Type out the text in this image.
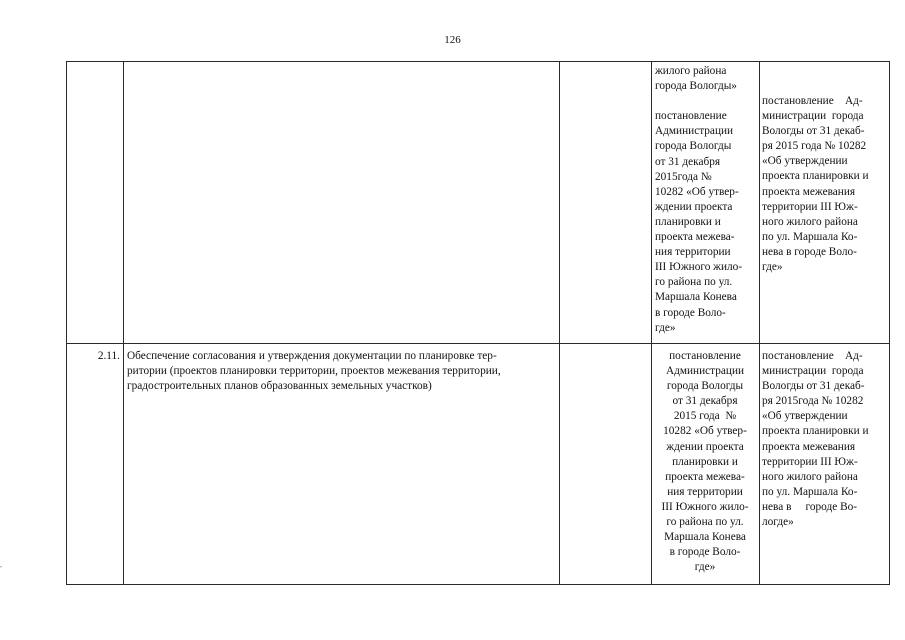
126
жилого района
города Вологды»

постановление
Администрации
города Вологды
от 31 декабря
2015года №
10282 «Об утвер-
ждении проекта
планировки и
проекта межева-
ния территории
III Южного жило-
го района по ул.
Маршала Конева
в городе Воло-
где»
постановление    Ад-
министрации  города
Вологды от 31 декаб-
ря 2015 года № 10282
«Об утверждении
проекта планировки и
проекта межевания
территории III Юж-
ного жилого района
по ул. Маршала Ко-
нева в городе Воло-
где»
2.11. Обеспечение согласования и утверждения документации по планировке тер-
ритории (проектов планировки территории, проектов межевания территории,
градостроительных планов образованных земельных участков)
постановление
Администрации
города Вологды
от 31 декабря
2015 года  №
10282 «Об утвер-
ждении проекта
планировки и
проекта межева-
ния территории
III Южного жило-
го района по ул.
Маршала Конева
в городе Воло-
где»
постановление    Ад-
министрации  города
Вологды от 31 декаб-
ря 2015года № 10282
«Об утверждении
проекта планировки и
проекта межевания
территории III Юж-
ного жилого района
по ул. Маршала Ко-
нева в     городе Во-
логде»
•
